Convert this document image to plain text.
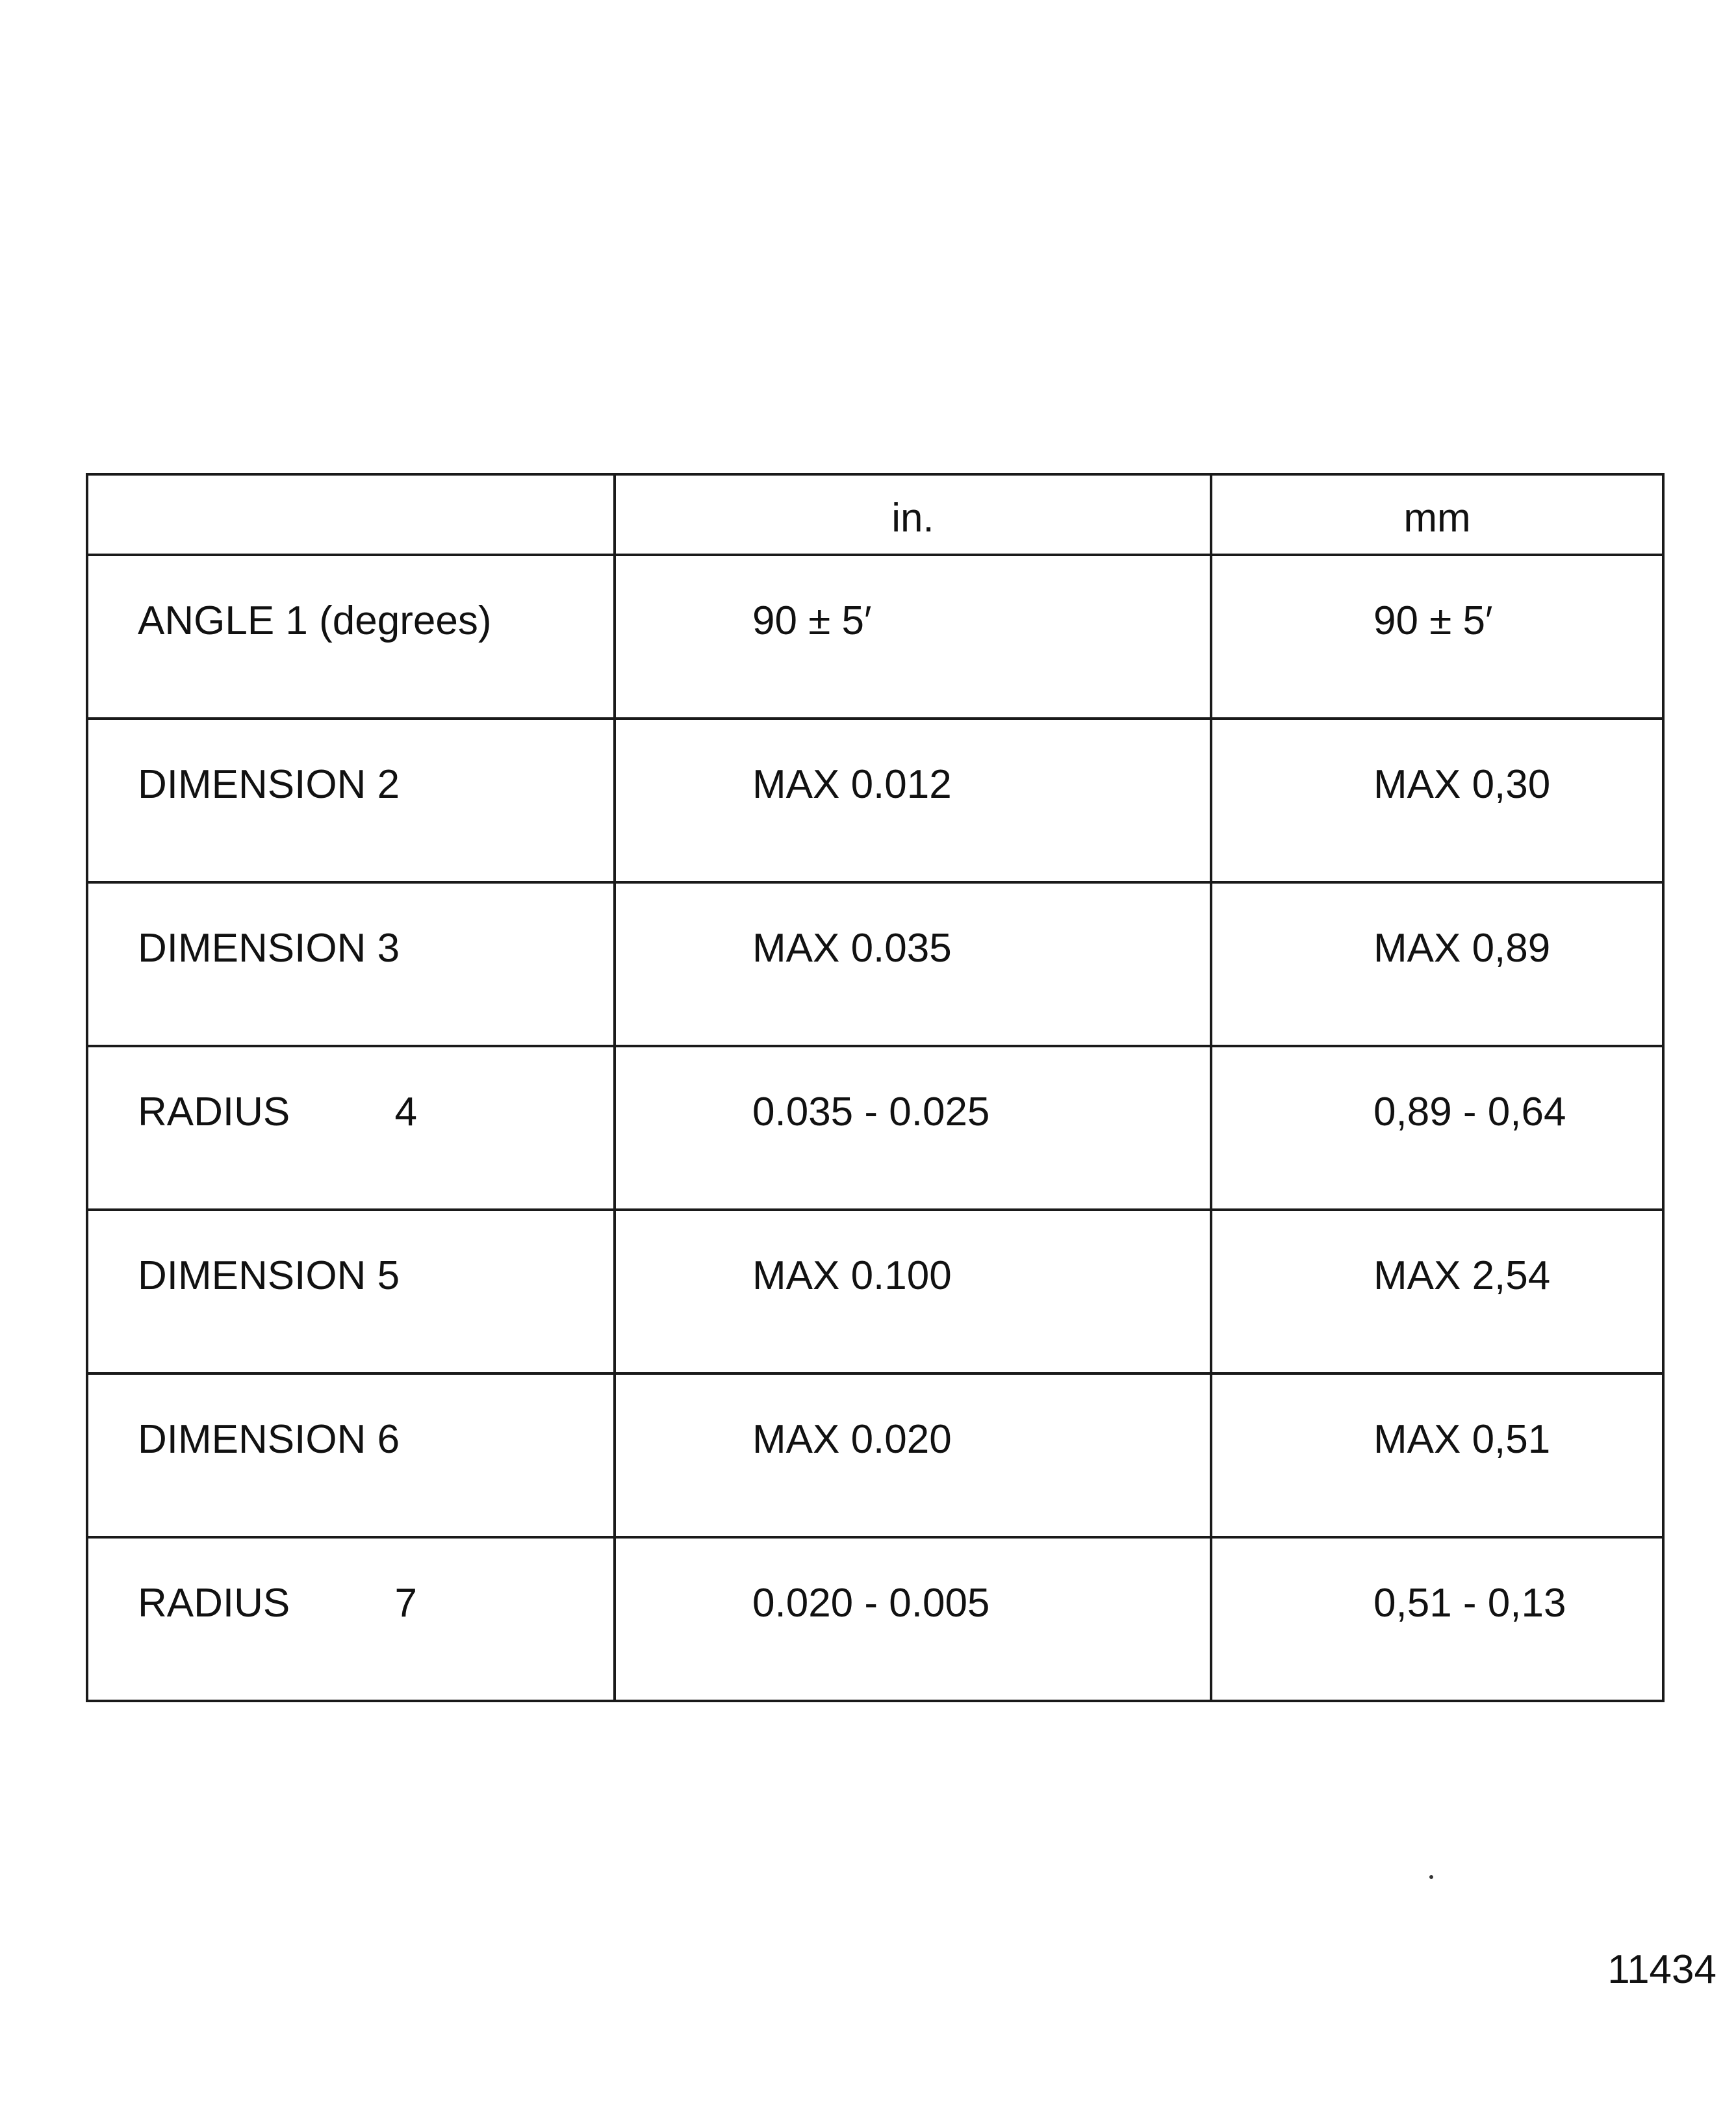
	in.	mm
ANGLE 1 (degrees)	90 ± 5′	90 ± 5′
DIMENSION 2	MAX 0.012	MAX 0,30
DIMENSION 3	MAX 0.035	MAX 0,89
RADIUS 4	0.035 - 0.025	0,89 - 0,64
DIMENSION 5	MAX 0.100	MAX 2,54
DIMENSION 6	MAX 0.020	MAX 0,51
RADIUS 7	0.020 - 0.005	0,51 - 0,13
11434
